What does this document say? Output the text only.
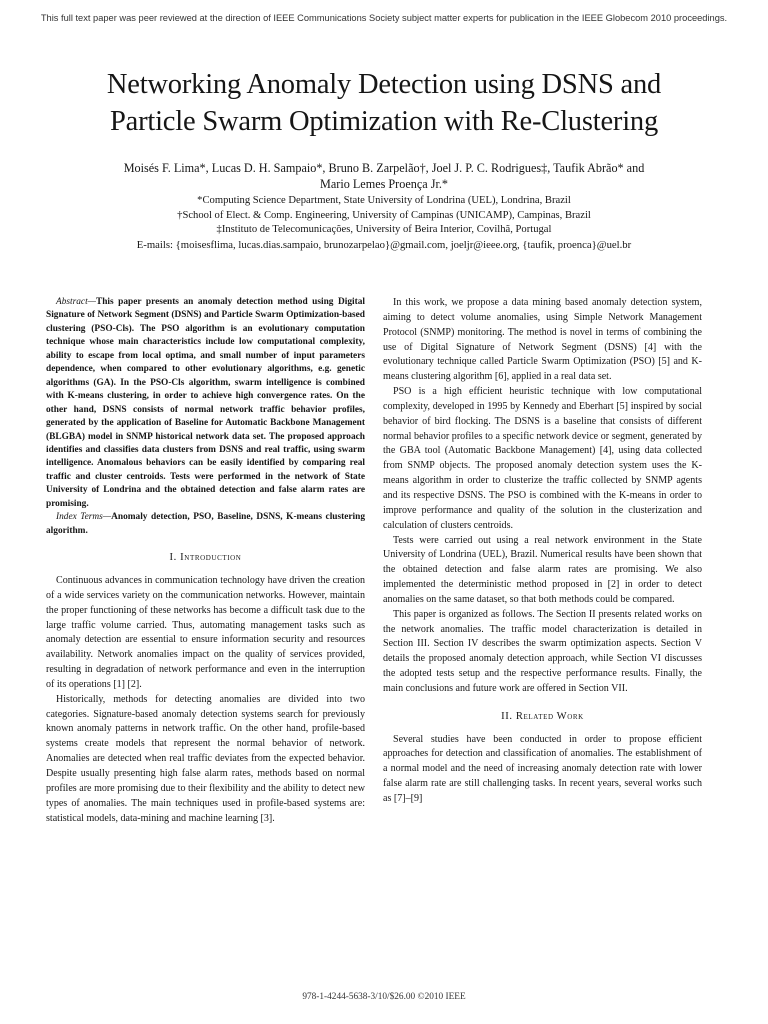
This full text paper was peer reviewed at the direction of IEEE Communications Society subject matter experts for publication in the IEEE Globecom 2010 proceedings.
Networking Anomaly Detection using DSNS and
Particle Swarm Optimization with Re-Clustering
Moisés F. Lima*, Lucas D. H. Sampaio*, Bruno B. Zarpelão†, Joel J. P. C. Rodrigues‡, Taufik Abrão* and
Mario Lemes Proença Jr.*
*Computing Science Department, State University of Londrina (UEL), Londrina, Brazil
†School of Elect. & Comp. Engineering, University of Campinas (UNICAMP), Campinas, Brazil
‡Instituto de Telecomunicações, University of Beira Interior, Covilhã, Portugal
E-mails: {moisesflima, lucas.dias.sampaio, brunozarpelao}@gmail.com, joeljr@ieee.org, {taufik, proenca}@uel.br

Abstract—This paper presents an anomaly detection method using Digital Signature of Network Segment (DSNS) and Particle Swarm Optimization-based clustering (PSO-Cls). The PSO algorithm is an evolutionary computation technique whose main characteristics include low computational complexity, ability to escape from local optima, and small number of input parameters dependence, when compared to other evolutionary algorithms, e.g. genetic algorithms (GA). In the PSO-Cls algorithm, swarm intelligence is combined with K-means clustering, in order to achieve high convergence rates. On the other hand, DSNS consists of normal network traffic behavior profiles, generated by the application of Baseline for Automatic Backbone Management (BLGBA) model in SNMP historical network data set. The proposed approach identifies and classifies data clusters from DSNS and real traffic, using swarm intelligence. Anomalous behaviors can be easily identified by comparing real traffic and cluster centroids. Tests were performed in the network of State University of Londrina and the obtained detection and false alarm rates are promising.

Index Terms—Anomaly detection, PSO, Baseline, DSNS, K-means clustering algorithm.

I. Introduction

Continuous advances in communication technology have driven the creation of a wide services variety on the communication networks. However, maintain the proper functioning of these networks has become a difficult task due to the large traffic volume carried. Thus, automating management tasks such as anomaly detection are essential to ensure information security and resources availability. Network anomalies impact on the quality of services provided, resulting in degradation of network performance and even in the interruption of its operations [1] [2].

Historically, methods for detecting anomalies are divided into two categories. Signature-based anomaly detection systems search for previously known anomaly patterns in network traffic. On the other hand, profile-based systems create models that represent the normal behavior of network. Anomalies are detected when real traffic deviates from the expected behavior. Despite usually presenting high false alarm rates, methods based on normal profiles are more promising due to their flexibility and the ability to detect new types of anomalies. The main techniques used in profile-based systems are: statistical models, data-mining and machine learning [3].

In this work, we propose a data mining based anomaly detection system, aiming to detect volume anomalies, using Simple Network Management Protocol (SNMP) monitoring. The method is novel in terms of combining the use of Digital Signature of Network Segment (DSNS) [4] with the evolutionary technique called Particle Swarm Optimization (PSO) [5] and K-means clustering algorithm [6], applied in a real data set.

PSO is a high efficient heuristic technique with low computational complexity, developed in 1995 by Kennedy and Eberhart [5] inspired by social behavior of bird flocking. The DSNS is a baseline that consists of different normal behavior profiles to a specific network device or segment, generated by the GBA tool (Automatic Backbone Management) [4], using data collected from SNMP objects. The proposed anomaly detection system uses the K-means algorithm in order to clusterize the traffic collected by SNMP agents and its respective DSNS. The PSO is combined with the K-means in order to improve performance and quality of the solution in the clusterization and calculation of clusters centroids.

Tests were carried out using a real network environment in the State University of Londrina (UEL), Brazil. Numerical results have been shown that the obtained detection and false alarm rates are promising. We also implemented the deterministic method proposed in [2] in order to detect anomalies on the same dataset, so that both methods could be compared.

This paper is organized as follows. The Section II presents related works on the network anomalies. The traffic model characterization is detailed in Section III. Section IV describes the swarm optimization aspects. Section V details the proposed anomaly detection approach, while Section VI discusses the adopted tests setup and the respective performance results. Finally, the main conclusions and future work are offered in Section VII.

II. Related Work

Several studies have been conducted in order to propose efficient approaches for detection and classification of anomalies. The establishment of a normal model and the need of increasing anomaly detection rate with lower false alarm rate are still challenging tasks. In recent years, several works such as [7]–[9]

978-1-4244-5638-3/10/$26.00 ©2010 IEEE
